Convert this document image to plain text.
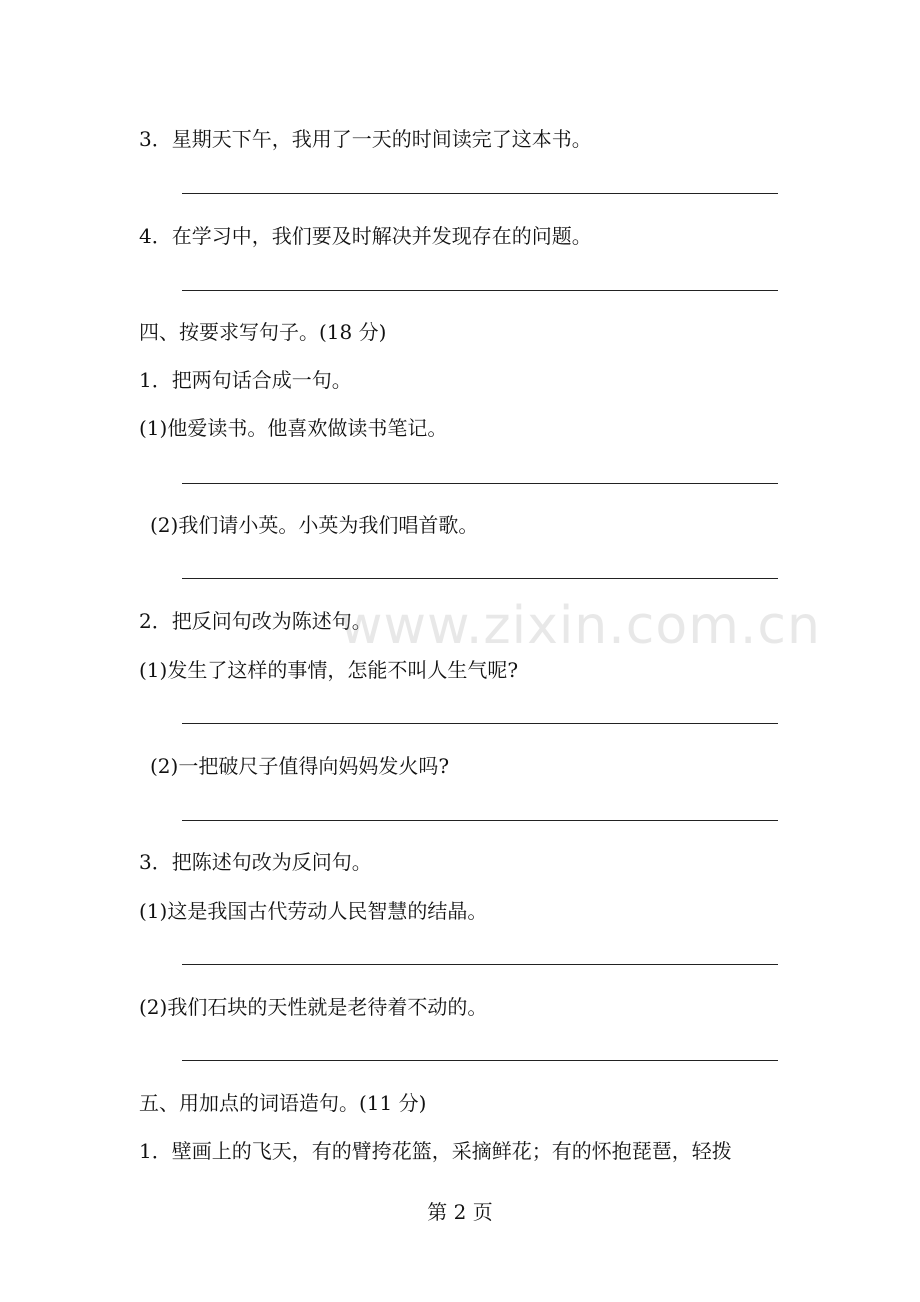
3．星期天下午，我用了一天的时间读完了这本书。
4．在学习中，我们要及时解决并发现存在的问题。
四、按要求写句子。(18 分)
1．把两句话合成一句。
(1)他爱读书。他喜欢做读书笔记。
(2)我们请小英。小英为我们唱首歌。
2．把反问句改为陈述句。
(1)发生了这样的事情，怎能不叫人生气呢?
(2)一把破尺子值得向妈妈发火吗?
3．把陈述句改为反问句。
(1)这是我国古代劳动人民智慧的结晶。
(2)我们石块的天性就是老待着不动的。
五、用加点的词语造句。(11 分)
1．壁画上的飞天，有的臂挎花篮，采摘鲜花；有的怀抱琵琶，轻拨
www.zixin.com.cn
第 2 页
